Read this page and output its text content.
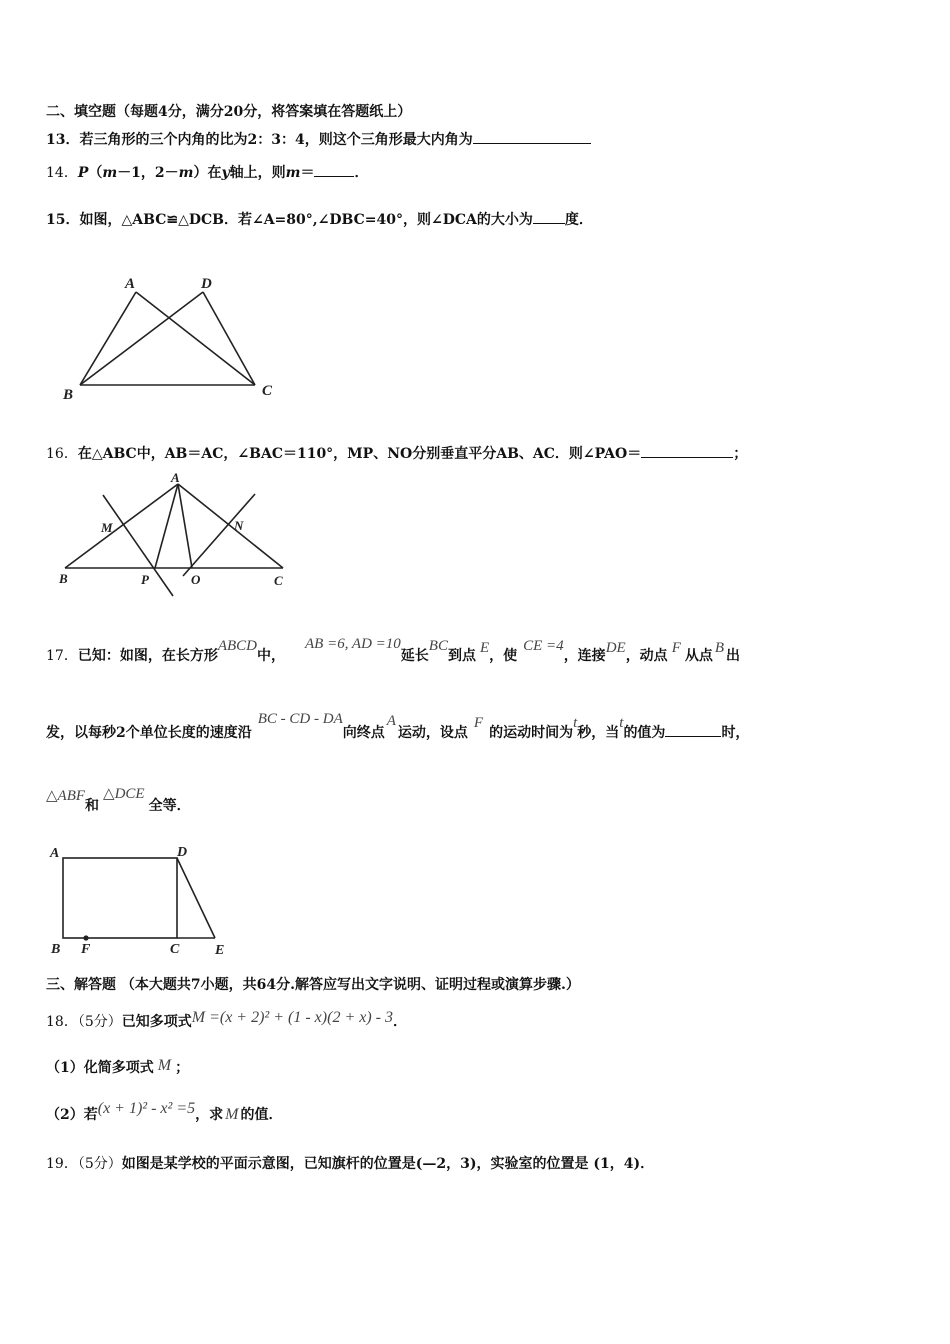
二、填空题（每题4分，满分20分，将答案填在答题纸上）
13．若三角形的三个内角的比为2：3：4，则这个三角形最大内角为
14．P（m－1，2－m）在y轴上，则m＝	．
15．如图，△ABC≌△DCB．若∠A=80°,∠DBC=40°，则∠DCA的大小为 度．
A	D
B	C
16．在△ABC中，AB＝AC，∠BAC＝110°，MP、NO分别垂直平分AB、AC．则∠PAO＝	；
A
M	N
B	P	O	C
17．已知：如图，在长方形ABCD中，AB =6, AD =10延长BC到点 E，使CE =4，连接DE，动点 F 从点 B 出
发，以每秒2个单位长度的速度沿BC - CD - DA向终点A运动，设点F的运动时间为t秒，当t的值为	时，
△ABF和△DCE全等．
A	D
B F	C	E
三、解答题 （本大题共7小题，共64分.解答应写出文字说明、证明过程或演算步骤.）
18．（5分）已知多项式M =(x + 2)² + (1 - x)(2 + x) - 3．
（1）化简多项式 M ；
（2）若(x + 1)² - x² =5，求 M 的值．
19．（5分）如图是某学校的平面示意图，已知旗杆的位置是(—2，3)，实验室的位置是 (1，4)．
